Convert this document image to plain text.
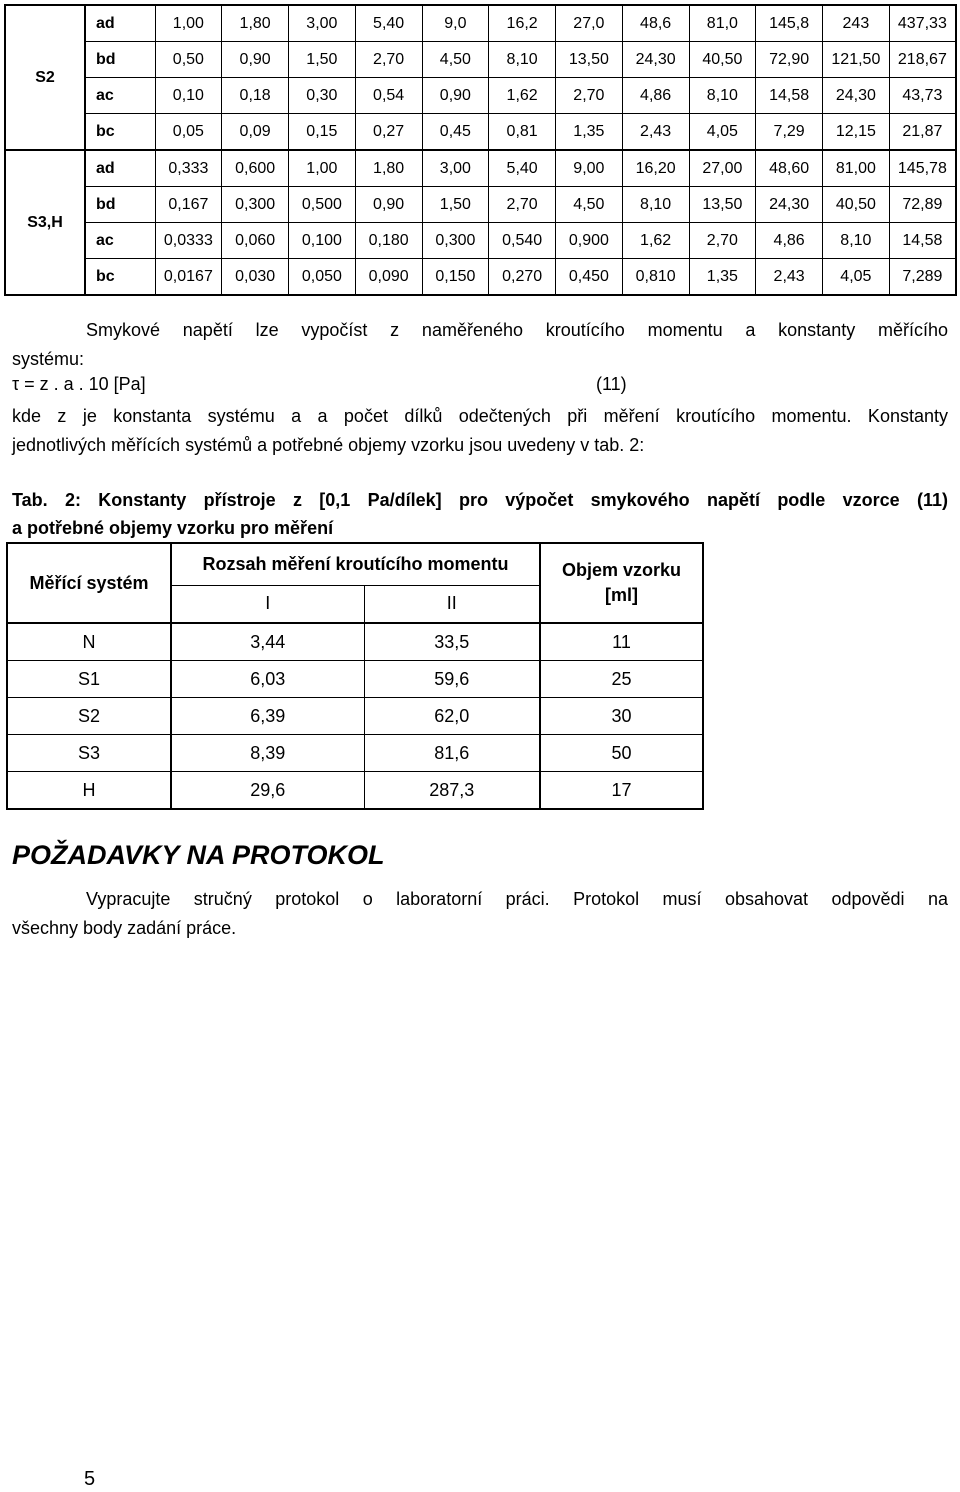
S2	ad	1,00	1,80	3,00	5,40	9,0	16,2	27,0	48,6	81,0	145,8	243	437,33
	bd	0,50	0,90	1,50	2,70	4,50	8,10	13,50	24,30	40,50	72,90	121,50	218,67
	ac	0,10	0,18	0,30	0,54	0,90	1,62	2,70	4,86	8,10	14,58	24,30	43,73
	bc	0,05	0,09	0,15	0,27	0,45	0,81	1,35	2,43	4,05	7,29	12,15	21,87
S3,H	ad	0,333	0,600	1,00	1,80	3,00	5,40	9,00	16,20	27,00	48,60	81,00	145,78
	bd	0,167	0,300	0,500	0,90	1,50	2,70	4,50	8,10	13,50	24,30	40,50	72,89
	ac	0,0333	0,060	0,100	0,180	0,300	0,540	0,900	1,62	2,70	4,86	8,10	14,58
	bc	0,0167	0,030	0,050	0,090	0,150	0,270	0,450	0,810	1,35	2,43	4,05	7,289
Smykové napětí lze vypočíst z naměřeného kroutícího momentu a konstanty měřícího
systému:
τ = z . a . 10 [Pa]	(11)
kde z je konstanta systému a a počet dílků odečtených při měření kroutícího momentu. Konstanty
jednotlivých měřících systémů a potřebné objemy vzorku jsou uvedeny v tab. 2:
Tab. 2: Konstanty přístroje z [0,1 Pa/dílek] pro výpočet smykového napětí podle vzorce (11)
a potřebné objemy vzorku pro měření
Měřící systém	Rozsah měření kroutícího momentu		Objem vzorku
[ml]

	I	II	
N	3,44	33,5	11
S1	6,03	59,6	25
S2	6,39	62,0	30
S3	8,39	81,6	50
H	29,6	287,3	17
POŽADAVKY NA PROTOKOL
Vypracujte stručný protokol o laboratorní práci. Protokol musí obsahovat odpovědi na
všechny body zadání práce.
5
